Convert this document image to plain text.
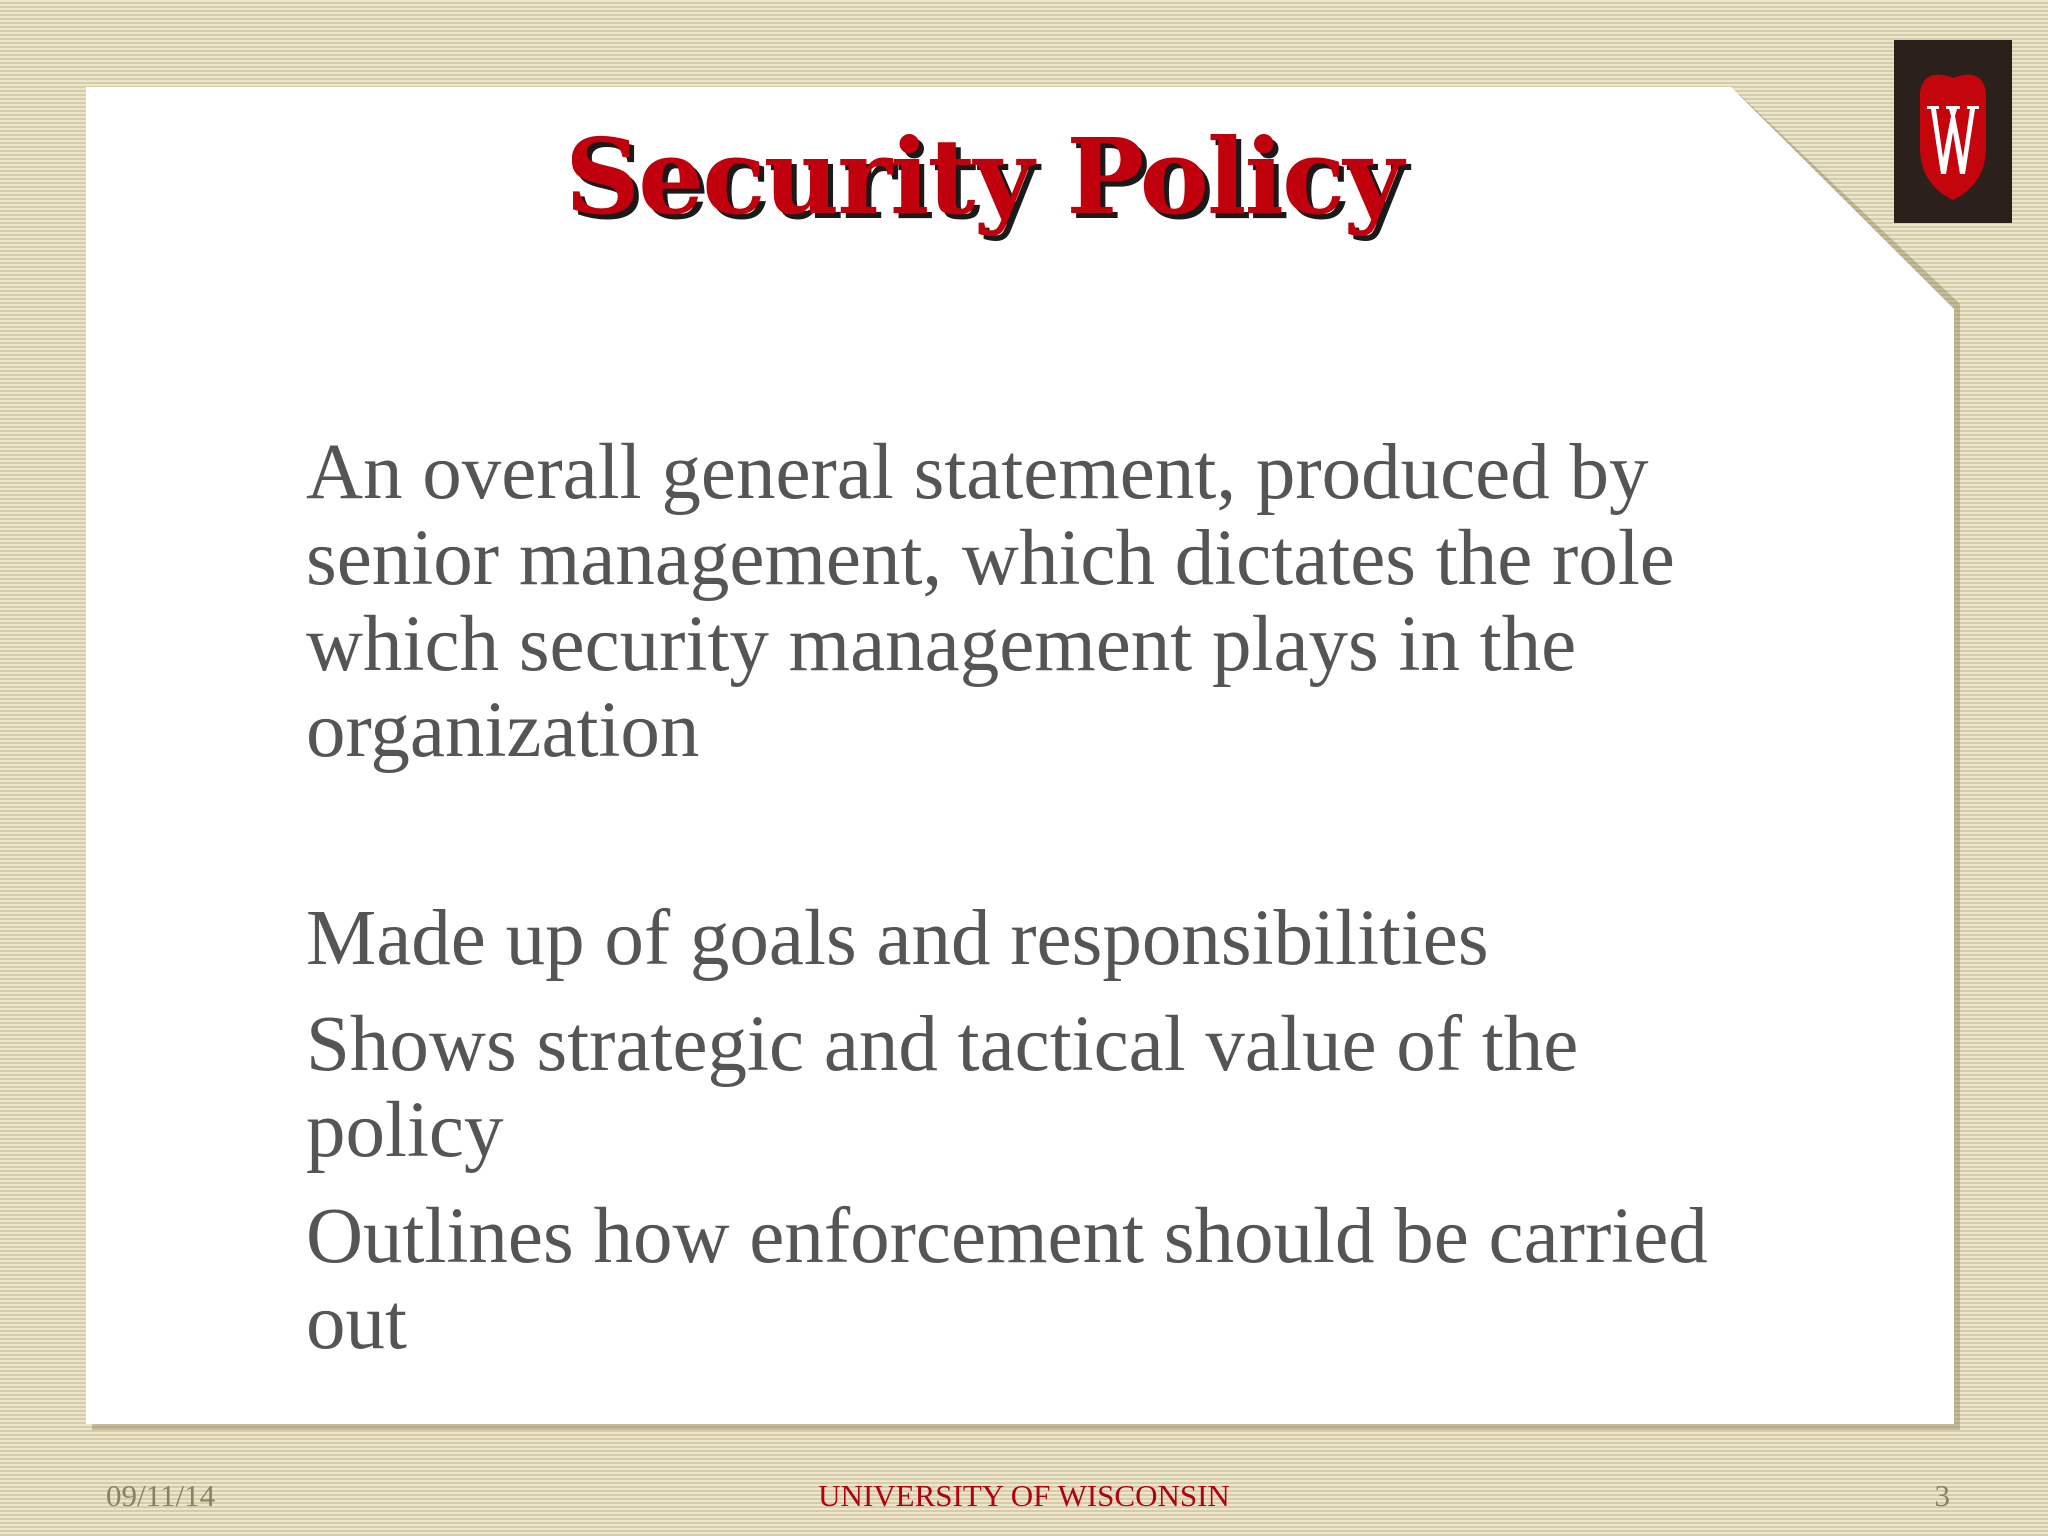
Security Policy

An overall general statement, produced by senior management, which dictates the role which security management plays in the organization

Made up of goals and responsibilities

Shows strategic and tactical value of the policy

Outlines how enforcement should be carried out

09/11/14	UNIVERSITY OF WISCONSIN	3
